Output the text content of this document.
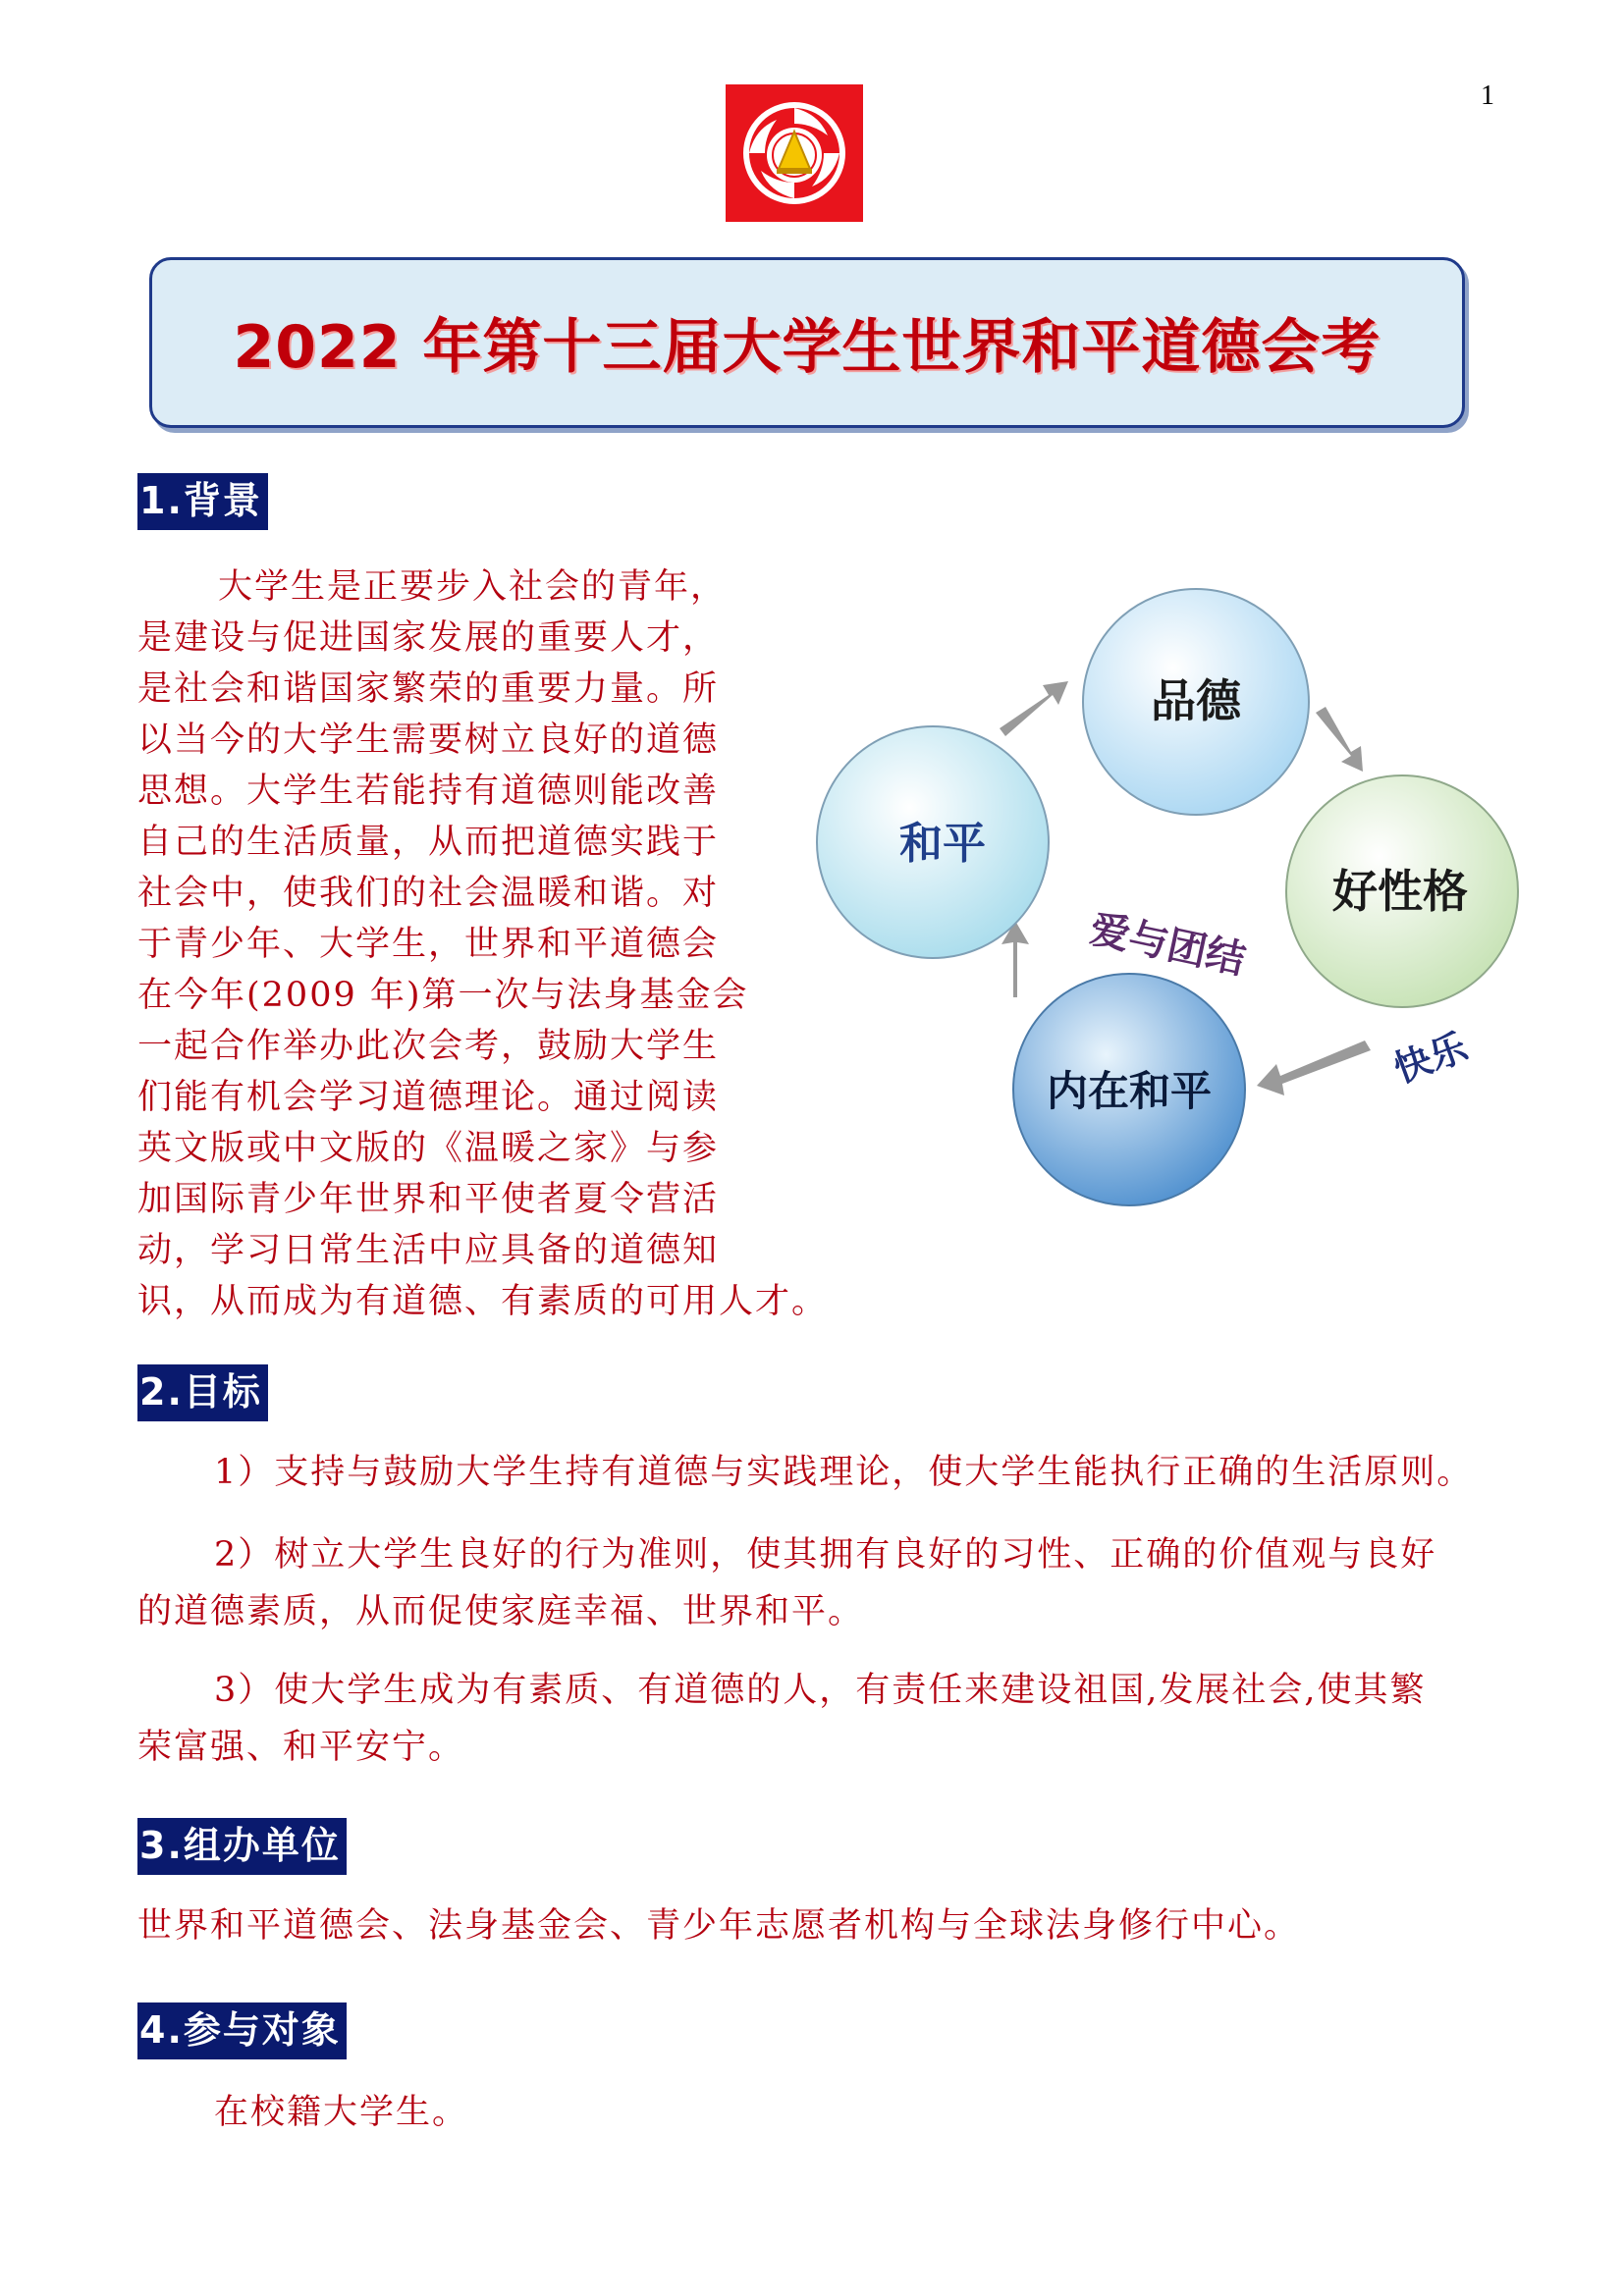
1
2022 年第十三届大学生世界和平道德会考
1.背景
大学生是正要步入社会的青年，
是建设与促进国家发展的重要人才，
是社会和谐国家繁荣的重要力量。所
以当今的大学生需要树立良好的道德
思想。大学生若能持有道德则能改善
自己的生活质量，从而把道德实践于
社会中，使我们的社会温暖和谐。对
于青少年、大学生，世界和平道德会
在今年(2009 年)第一次与法身基金会
一起合作举办此次会考，鼓励大学生
们能有机会学习道德理论。通过阅读
英文版或中文版的《温暖之家》与参
加国际青少年世界和平使者夏令营活
动，学习日常生活中应具备的道德知
识，从而成为有道德、有素质的可用人才。
品德
好性格
内在和平
和平
爱与团结
快乐
2.目标
1）支持与鼓励大学生持有道德与实践理论，使大学生能执行正确的生活原则。
2）树立大学生良好的行为准则，使其拥有良好的习性、正确的价值观与良好
的道德素质，从而促使家庭幸福、世界和平。
3）使大学生成为有素质、有道德的人，有责任来建设祖国,发展社会,使其繁
荣富强、和平安宁。
3.组办单位
世界和平道德会、法身基金会、青少年志愿者机构与全球法身修行中心。
4.参与对象
在校籍大学生。
